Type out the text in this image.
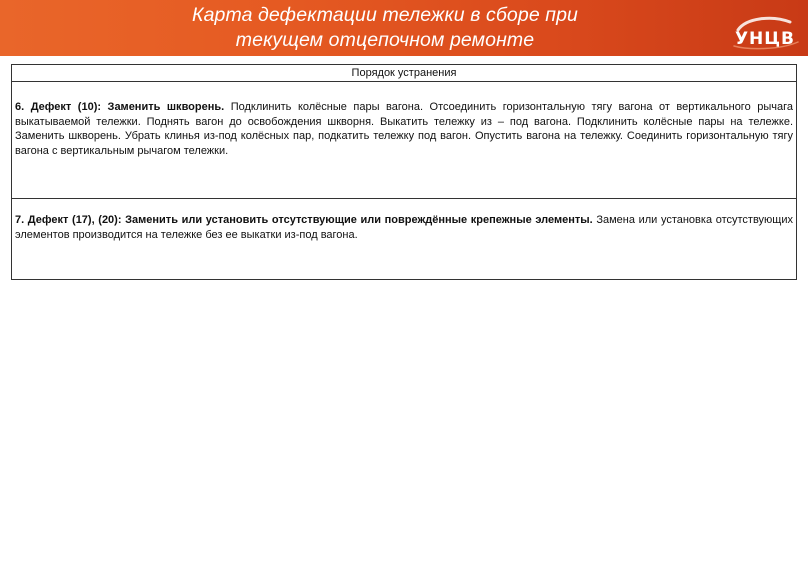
Карта дефектации тележки в сборе при
текущем отцепочном ремонте	УНЦВ
Порядок устранения
6. Дефект (10): Заменить шкворень. Подклинить колёсные пары вагона. Отсоединить горизонтальную тягу вагона от вертикального рычага выкатываемой тележки. Поднять вагон до освобождения шкворня. Выкатить тележку из – под вагона. Подклинить колёсные пары на тележке. Заменить шкворень. Убрать клинья из-под колёсных пар, подкатить тележку под вагон. Опустить вагона на тележку. Соединить горизонтальную тягу вагона с вертикальным рычагом тележки.
7. Дефект (17), (20): Заменить или установить отсутствующие или повреждённые крепежные элементы. Замена или установка отсутствующих элементов производится на тележке без ее выкатки из-под вагона.
